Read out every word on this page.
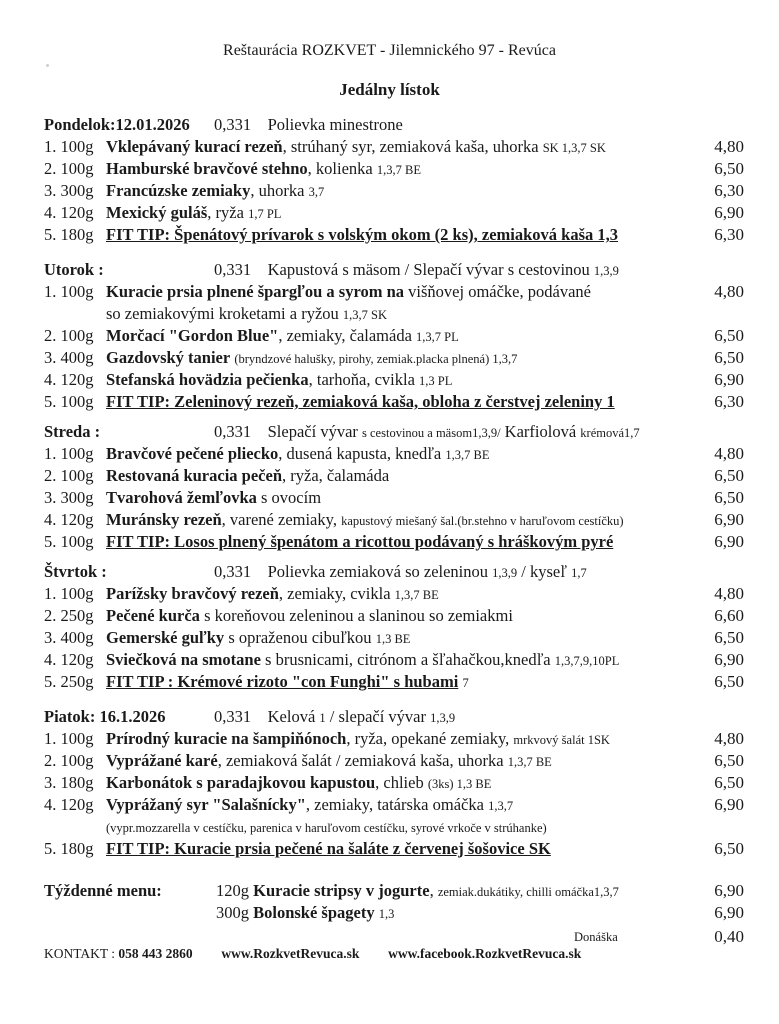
Reštaurácia ROZKVET - Jilemnického 97 - Revúca
Jedálny lístok
Pondelok:12.01.2026 0,331 Polievka minestrone
1. 100g Vklepávaný kurací rezeň, strúhaný syr, zemiaková kaša, uhorka SK 1,3,7 SK	4,80
2. 100g Hamburské bravčové stehno, kolienka 1,3,7 BE	6,50
3. 300g Francúzske zemiaky, uhorka 3,7	6,30
4. 120g Mexický guláš, ryža 1,7 PL	6,90
5. 180g FIT TIP: Špenátový prívarok s volským okom (2 ks), zemiaková kaša 1,3	6,30
Utorok :	0,331 Kapustová s mäsom / Slepačí vývar s cestovinou 1,3,9
1. 100g Kuracie prsia plnené špargľou a syrom na višňovej omáčke, podávané	4,80
so zemiakovými kroketami a ryžou 1,3,7 SK
2. 100g Morčací "Gordon Blue", zemiaky, čalamáda 1,3,7 PL	6,50
3. 400g Gazdovský tanier (bryndzové halušky, pirohy, zemiak.placka plnená) 1,3,7	6,50
4. 120g Stefanská hovädzia pečienka, tarhoňa, cvikla 1,3 PL	6,90
5. 100g FIT TIP: Zeleninový rezeň, zemiaková kaša, obloha z čerstvej zeleniny 1	6,30
Streda :	0,331 Slepačí vývar s cestovinou a mäsom1,3,9/ Karfiolová krémová1,7
1. 100g Bravčové pečené pliecko, dusená kapusta, knedľa 1,3,7 BE	4,80
2. 100g Restovaná kuracia pečeň, ryža, čalamáda	6,50
3. 300g Tvarohová žemľovka s ovocím	6,50
4. 120g Muránsky rezeň, varené zemiaky, kapustový miešaný šal.(br.stehno v haruľovom cestíčku)	6,90
5. 100g FIT TIP: Losos plnený špenátom a ricottou podávaný s hráškovým pyré	6,90
Štvrtok :	0,331 Polievka zemiaková so zeleninou 1,3,9 / kyseľ 1,7
1. 100g Parížsky bravčový rezeň, zemiaky, cvikla 1,3,7 BE	4,80
2. 250g Pečené kurča s koreňovou zeleninou a slaninou so zemiakmi	6,60
3. 400g Gemerské guľky s opraženou cibuľkou 1,3 BE	6,50
4. 120g Sviečková na smotane s brusnicami, citrónom a šľahačkou,knedľa 1,3,7,9,10PL	6,90
5. 250g FIT TIP : Krémové rizoto "con Funghi" s hubami 7	6,50
Piatok: 16.1.2026	0,331 Kelová 1 / slepačí vývar 1,3,9
1. 100g Prírodný kuracie na šampiňónoch, ryža, opekané zemiaky, mrkvový šalát 1SK	4,80
2. 100g Vyprážané karé, zemiaková šalát / zemiaková kaša, uhorka 1,3,7 BE	6,50
3. 180g Karbonátok s paradajkovou kapustou, chlieb (3ks) 1,3 BE	6,50
4. 120g Vyprážaný syr "Salašnícky", zemiaky, tatárska omáčka 1,3,7	6,90
(vypr.mozzarella v cestíčku, parenica v haruľovom cestíčku, syrové vrkoče v strúhanke)
5. 180g FIT TIP: Kuracie prsia pečené na šaláte z červenej šošovice SK	6,50
Týždenné menu:	120g Kuracie stripsy v jogurte, zemiak.dukátiky, chilli omáčka1,3,7	6,90
300g Bolonské špagety 1,3	6,90
Donáška	0,40
KONTAKT : 058 443 2860 www.RozkvetRevuca.sk www.facebook.RozkvetRevuca.sk
